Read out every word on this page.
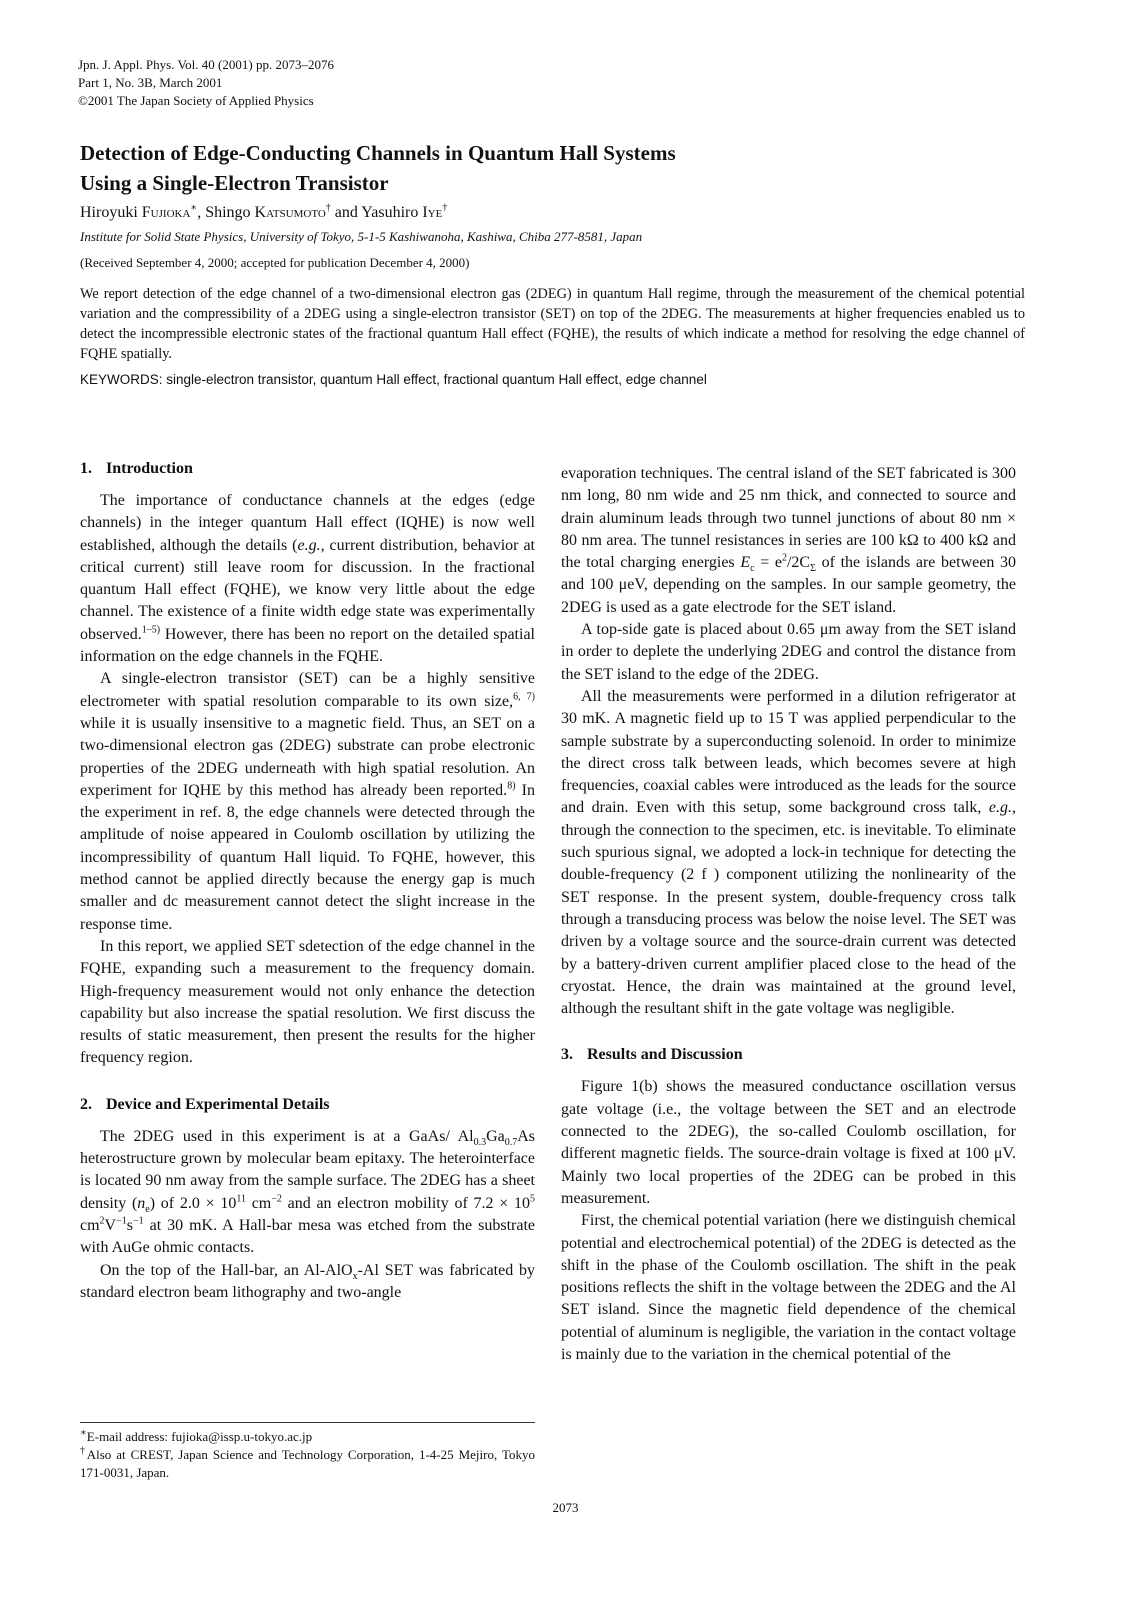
Jpn. J. Appl. Phys. Vol. 40 (2001) pp. 2073–2076
Part 1, No. 3B, March 2001
©2001 The Japan Society of Applied Physics
Detection of Edge-Conducting Channels in Quantum Hall Systems
Using a Single-Electron Transistor
Hiroyuki Fujioka∗, Shingo Katsumoto† and Yasuhiro Iye†
Institute for Solid State Physics, University of Tokyo, 5-1-5 Kashiwanoha, Kashiwa, Chiba 277-8581, Japan
(Received September 4, 2000; accepted for publication December 4, 2000)

We report detection of the edge channel of a two-dimensional electron gas (2DEG) in quantum Hall regime, through the measurement of the chemical potential variation and the compressibility of a 2DEG using a single-electron transistor (SET) on top of the 2DEG. The measurements at higher frequencies enabled us to detect the incompressible electronic states of the fractional quantum Hall effect (FQHE), the results of which indicate a method for resolving the edge channel of FQHE spatially.

KEYWORDS: single-electron transistor, quantum Hall effect, fractional quantum Hall effect, edge channel
1. Introduction

The importance of conductance channels at the edges (edge channels) in the integer quantum Hall effect (IQHE) is now well established, although the details (e.g., current distribution, behavior at critical current) still leave room for discussion. In the fractional quantum Hall effect (FQHE), we know very little about the edge channel. The existence of a finite width edge state was experimentally observed.$^{1-5)}$ However, there has been no report on the detailed spatial information on the edge channels in the FQHE.

A single-electron transistor (SET) can be a highly sensitive electrometer with spatial resolution comparable to its own size,$^{6, 7)}$ while it is usually insensitive to a magnetic field. Thus, an SET on a two-dimensional electron gas (2DEG) substrate can probe electronic properties of the 2DEG underneath with high spatial resolution. An experiment for IQHE by this method has already been reported.$^{8)}$ In the experiment in ref. 8, the edge channels were detected through the amplitude of noise appeared in Coulomb oscillation by utilizing the incompressibility of quantum Hall liquid. To FQHE, however, this method cannot be applied directly because the energy gap is much smaller and dc measurement cannot detect the slight increase in the response time.

In this report, we applied SET sdetection of the edge channel in the FQHE, expanding such a measurement to the frequency domain. High-frequency measurement would not only enhance the detection capability but also increase the spatial resolution. We first discuss the results of static measurement, then present the results for the higher frequency region.

2. Device and Experimental Details

The 2DEG used in this experiment is at a GaAs/ $Al_{0.3}Ga_{0.7}As$ heterostructure grown by molecular beam epitaxy. The heterointerface is located 90 nm away from the sample surface. The 2DEG has a sheet density $(n_e)$ of $2.0 \times 10^{11}$ $cm^{-2}$ and an electron mobility of $7.2 \times 10^5$ $cm^2V^{-1}s^{-1}$ at 30 mK. A Hall-bar mesa was etched from the substrate with AuGe ohmic contacts.

On the top of the Hall-bar, an Al-AlO$_x$-Al SET was fabricated by standard electron beam lithography and two-angle

evaporation techniques. The central island of the SET fabricated is 300 nm long, 80 nm wide and 25 nm thick, and connected to source and drain aluminum leads through two tunnel junctions of about 80 nm × 80 nm area. The tunnel resistances in series are 100 kΩ to 400 kΩ and the total charging energies $E_c = e^2/2C_\Sigma$ of the islands are between 30 and 100 μeV, depending on the samples. In our sample geometry, the 2DEG is used as a gate electrode for the SET island.

A top-side gate is placed about 0.65 μm away from the SET island in order to deplete the underlying 2DEG and control the distance from the SET island to the edge of the 2DEG.

All the measurements were performed in a dilution refrigerator at 30 mK. A magnetic field up to 15 T was applied perpendicular to the sample substrate by a superconducting solenoid. In order to minimize the direct cross talk between leads, which becomes severe at high frequencies, coaxial cables were introduced as the leads for the source and drain. Even with this setup, some background cross talk, e.g., through the connection to the specimen, etc. is inevitable. To eliminate such spurious signal, we adopted a lock-in technique for detecting the double-frequency (2 f ) component utilizing the nonlinearity of the SET response. In the present system, double-frequency cross talk through a transducing process was below the noise level. The SET was driven by a voltage source and the source-drain current was detected by a battery-driven current amplifier placed close to the head of the cryostat. Hence, the drain was maintained at the ground level, although the resultant shift in the gate voltage was negligible.

3. Results and Discussion

Figure 1(b) shows the measured conductance oscillation versus gate voltage (i.e., the voltage between the SET and an electrode connected to the 2DEG), the so-called Coulomb oscillation, for different magnetic fields. The source-drain voltage is fixed at 100 μV. Mainly two local properties of the 2DEG can be probed in this measurement.

First, the chemical potential variation (here we distinguish chemical potential and electrochemical potential) of the 2DEG is detected as the shift in the phase of the Coulomb oscillation. The shift in the peak positions reflects the shift in the voltage between the 2DEG and the Al SET island. Since the magnetic field dependence of the chemical potential of aluminum is negligible, the variation in the contact voltage is mainly due to the variation in the chemical potential of the

∗E-mail address: fujioka@issp.u-tokyo.ac.jp
†Also at CREST, Japan Science and Technology Corporation, 1-4-25 Mejiro, Tokyo 171-0031, Japan.
2073
